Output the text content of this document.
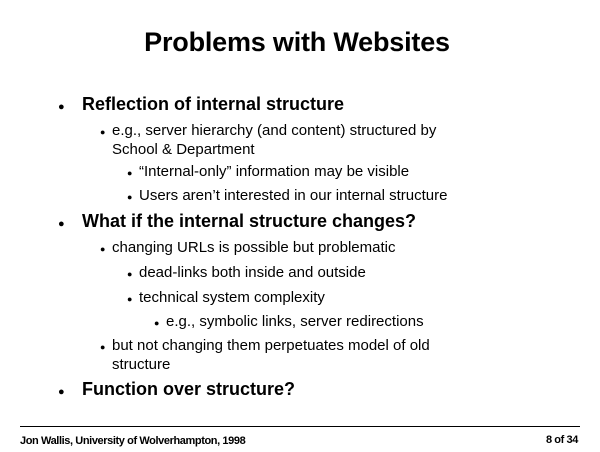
Problems with Websites
● Reflection of internal structure
● e.g., server hierarchy (and content) structured by
School & Department
● “Internal-only” information may be visible
● Users aren’t interested in our internal structure
● What if the internal structure changes?
● changing URLs is possible but problematic
● dead-links both inside and outside
● technical system complexity
● e.g., symbolic links, server redirections
● but not changing them perpetuates model of old
structure
● Function over structure?
Jon Wallis, University of Wolverhampton, 1998	8 of 34
